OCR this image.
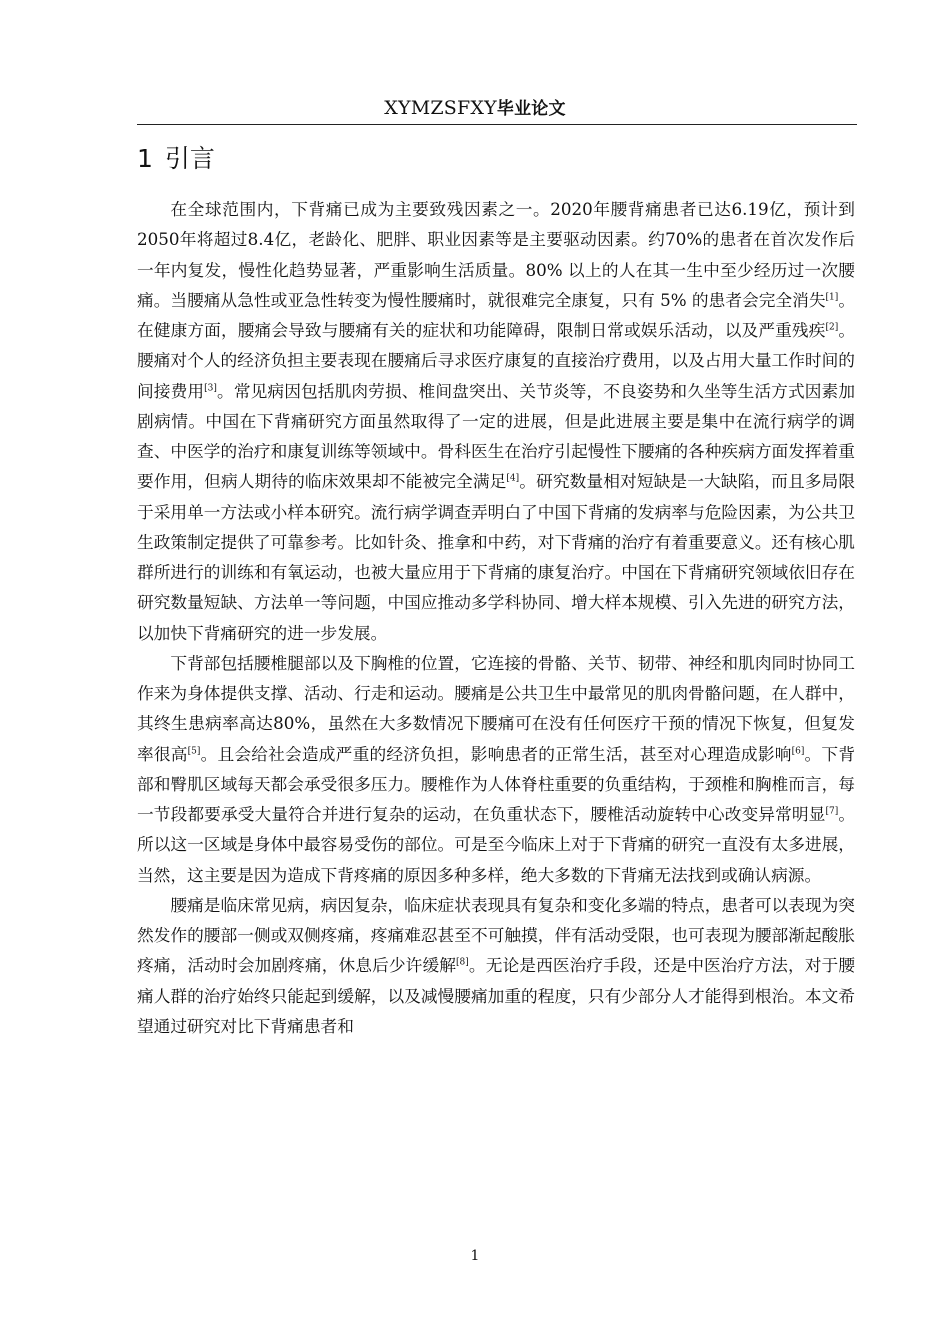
XYMZSFXY毕业论文
1 引言

在全球范围内，下背痛已成为主要致残因素之一。2020年腰背痛患者已达6.19亿，预计到2050年将超过8.4亿，老龄化、肥胖、职业因素等是主要驱动因素。约70%的患者在首次发作后一年内复发，慢性化趋势显著，严重影响生活质量。80% 以上的人在其一生中至少经历过一次腰痛。当腰痛从急性或亚急性转变为慢性腰痛时，就很难完全康复，只有 5% 的患者会完全消失[1]。在健康方面，腰痛会导致与腰痛有关的症状和功能障碍，限制日常或娱乐活动，以及严重残疾[2]。腰痛对个人的经济负担主要表现在腰痛后寻求医疗康复的直接治疗费用，以及占用大量工作时间的间接费用[3]。常见病因包括肌肉劳损、椎间盘突出、关节炎等，不良姿势和久坐等生活方式因素加剧病情。中国在下背痛研究方面虽然取得了一定的进展，但是此进展主要是集中在流行病学的调查、中医学的治疗和康复训练等领域中。骨科医生在治疗引起慢性下腰痛的各种疾病方面发挥着重要作用，但病人期待的临床效果却不能被完全满足[4]。研究数量相对短缺是一大缺陷，而且多局限于采用单一方法或小样本研究。流行病学调查弄明白了中国下背痛的发病率与危险因素，为公共卫生政策制定提供了可靠参考。比如针灸、推拿和中药，对下背痛的治疗有着重要意义。还有核心肌群所进行的训练和有氧运动，也被大量应用于下背痛的康复治疗。中国在下背痛研究领域依旧存在研究数量短缺、方法单一等问题，中国应推动多学科协同、增大样本规模、引入先进的研究方法，以加快下背痛研究的进一步发展。

下背部包括腰椎腿部以及下胸椎的位置，它连接的骨骼、关节、韧带、神经和肌肉同时协同工作来为身体提供支撑、活动、行走和运动。腰痛是公共卫生中最常见的肌肉骨骼问题，在人群中，其终生患病率高达80%，虽然在大多数情况下腰痛可在没有任何医疗干预的情况下恢复，但复发率很高[5]。且会给社会造成严重的经济负担，影响患者的正常生活，甚至对心理造成影响[6]。下背部和臀肌区域每天都会承受很多压力。腰椎作为人体脊柱重要的负重结构，于颈椎和胸椎而言，每一节段都要承受大量符合并进行复杂的运动，在负重状态下，腰椎活动旋转中心改变异常明显[7]。所以这一区域是身体中最容易受伤的部位。可是至今临床上对于下背痛的研究一直没有太多进展，当然，这主要是因为造成下背疼痛的原因多种多样，绝大多数的下背痛无法找到或确认病源。

腰痛是临床常见病，病因复杂，临床症状表现具有复杂和变化多端的特点，患者可以表现为突然发作的腰部一侧或双侧疼痛，疼痛难忍甚至不可触摸，伴有活动受限，也可表现为腰部渐起酸胀疼痛，活动时会加剧疼痛，休息后少许缓解[8]。无论是西医治疗手段，还是中医治疗方法，对于腰痛人群的治疗始终只能起到缓解，以及减慢腰痛加重的程度，只有少部分人才能得到根治。本文希望通过研究对比下背痛患者和

1
